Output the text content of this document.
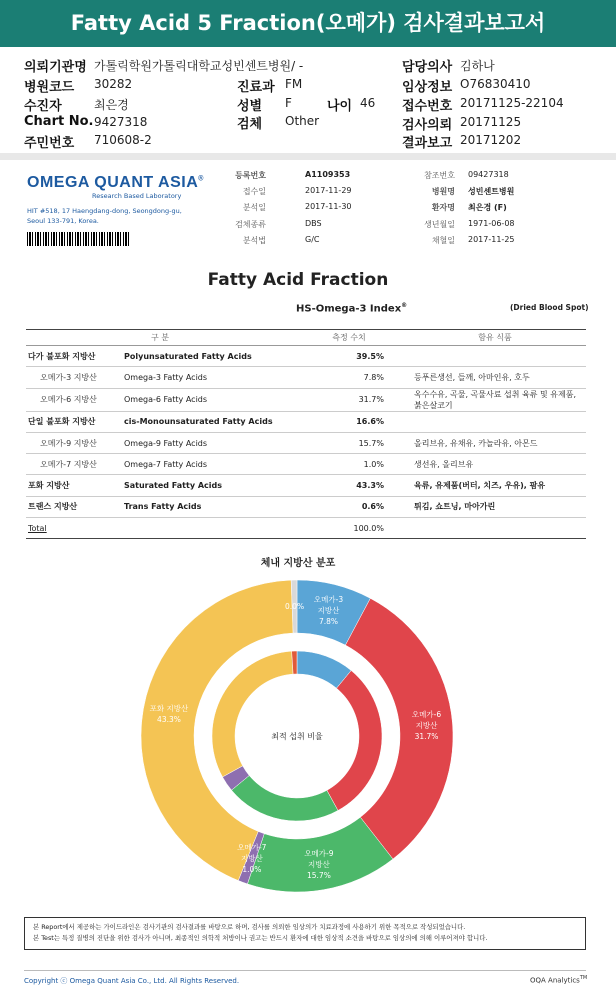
Fatty Acid 5 Fraction(오메가) 검사결과보고서
의뢰기관명 가톨릭학원가톨릭대학교성빈센트병원/ -	담당의사 김하나
병원코드 30282	진료과 FM	임상정보 O76830410
수진자	최은경	성별 F	나이 46 접수번호 20171125-22104
Chart No. 9427318	검체 Other	검사의뢰 20171125
주민번호 710608-2	결과보고 20171202
OMEGA QUANT ASIA®
Research Based Laboratory
HIT #518, 17 Haengdang-dong, Seongdong-gu,
Seoul 133-791, Korea.
등록번호	A1109353	참조번호 09427318
접수일	2017-11-29	병원명 성빈센트병원
분석일	2017-11-30	환자명 최은경 (F)
검체종류	DBS	생년월일 1971-06-08
분석법	G/C	채혈일 2017-11-25
Fatty Acid Fraction
HS-Omega-3 Index®	(Dried Blood Spot)
구 분		측정 수치	함유 식품
다가 불포화 지방산	Polyunsaturated Fatty Acids	39.5%	
오메가-3 지방산	Omega-3 Fatty Acids	7.8%	등푸른생선, 들깨, 아마인유, 호두
오메가-6 지방산	Omega-6 Fatty Acids	31.7%	옥수수유, 곡물, 곡물사료 섭취 육류 및 유제품, 붉은살코기
단일 불포화 지방산	cis-Monounsaturated Fatty Acids	16.6%	
오메가-9 지방산	Omega-9 Fatty Acids	15.7%	올리브유, 유채유, 카놀라유, 아몬드
오메가-7 지방산	Omega-7 Fatty Acids	1.0%	생선유, 올리브유
포화 지방산	Saturated Fatty Acids	43.3%	육류, 유제품(버터, 치즈, 우유), 팜유
트랜스 지방산	Trans Fatty Acids	0.6%	튀김, 쇼트닝, 마아가린
Total		100.0%	
체내 지방산 분포
최적 섭취 비율
오메가-3
지방산
7.8%
오메가-6
지방산
31.7%
오메가-9
지방산
15.7%
오메가-7
지방산
1.0%
포화 지방산
43.3%
0.0%
본 Report에서 제공하는 가이드라인은 검사기관의 검사결과를 바탕으로 하며, 검사를 의뢰한 임상의가 치료과정에 사용하기 위한 목적으로 작성되었습니다.
본 Test는 특정 질병의 진단을 위한 검사가 아니며, 최종적인 의학적 처방이나 권고는 반드시 환자에 대한 임상적 소견을 바탕으로 임상의에 의해 이루어져야 합니다.
Copyright ⓒ Omega Quant Asia Co., Ltd. All Rights Reserved.	OQA Analytics™
